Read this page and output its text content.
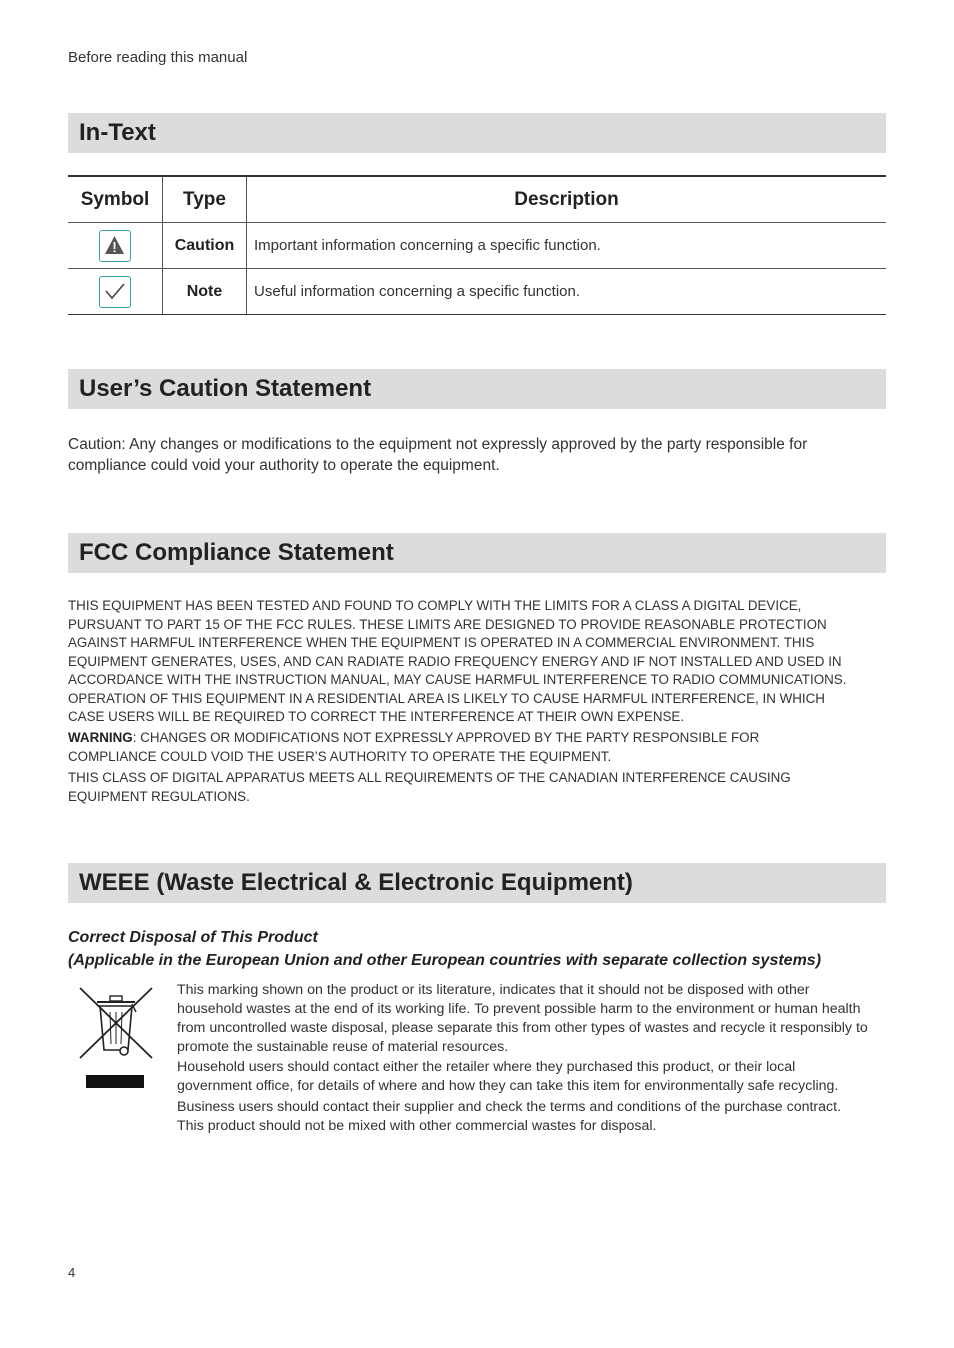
Before reading this manual
In-Text
Symbol	Type	Description

	Caution	Important information concerning a specific function.

	Note	Useful information concerning a specific function.
User’s Caution Statement

Caution: Any changes or modifications to the equipment not expressly approved by the party responsible for
compliance could void your authority to operate the equipment.

FCC Compliance Statement

THIS EQUIPMENT HAS BEEN TESTED AND FOUND TO COMPLY WITH THE LIMITS FOR A CLASS A DIGITAL DEVICE,
PURSUANT TO PART 15 OF THE FCC RULES. THESE LIMITS ARE DESIGNED TO PROVIDE REASONABLE PROTECTION
AGAINST HARMFUL INTERFERENCE WHEN THE EQUIPMENT IS OPERATED IN A COMMERCIAL ENVIRONMENT. THIS
EQUIPMENT GENERATES, USES, AND CAN RADIATE RADIO FREQUENCY ENERGY AND IF NOT INSTALLED AND USED IN
ACCORDANCE WITH THE INSTRUCTION MANUAL, MAY CAUSE HARMFUL INTERFERENCE TO RADIO COMMUNICATIONS.
OPERATION OF THIS EQUIPMENT IN A RESIDENTIAL AREA IS LIKELY TO CAUSE HARMFUL INTERFERENCE, IN WHICH
CASE USERS WILL BE REQUIRED TO CORRECT THE INTERFERENCE AT THEIR OWN EXPENSE.

WARNING: CHANGES OR MODIFICATIONS NOT EXPRESSLY APPROVED BY THE PARTY RESPONSIBLE FOR
COMPLIANCE COULD VOID THE USER’S AUTHORITY TO OPERATE THE EQUIPMENT.

THIS CLASS OF DIGITAL APPARATUS MEETS ALL REQUIREMENTS OF THE CANADIAN INTERFERENCE CAUSING
EQUIPMENT REGULATIONS.

WEEE (Waste Electrical & Electronic Equipment)

Correct Disposal of This Product

(Applicable in the European Union and other European countries with separate collection systems)

This marking shown on the product or its literature, indicates that it should not be disposed with other
household wastes at the end of its working life. To prevent possible harm to the environment or human health
from uncontrolled waste disposal, please separate this from other types of wastes and recycle it responsibly to
promote the sustainable reuse of material resources.

Household users should contact either the retailer where they purchased this product, or their local
government office, for details of where and how they can take this item for environmentally safe recycling.

Business users should contact their supplier and check the terms and conditions of the purchase contract.
This product should not be mixed with other commercial wastes for disposal.

4
